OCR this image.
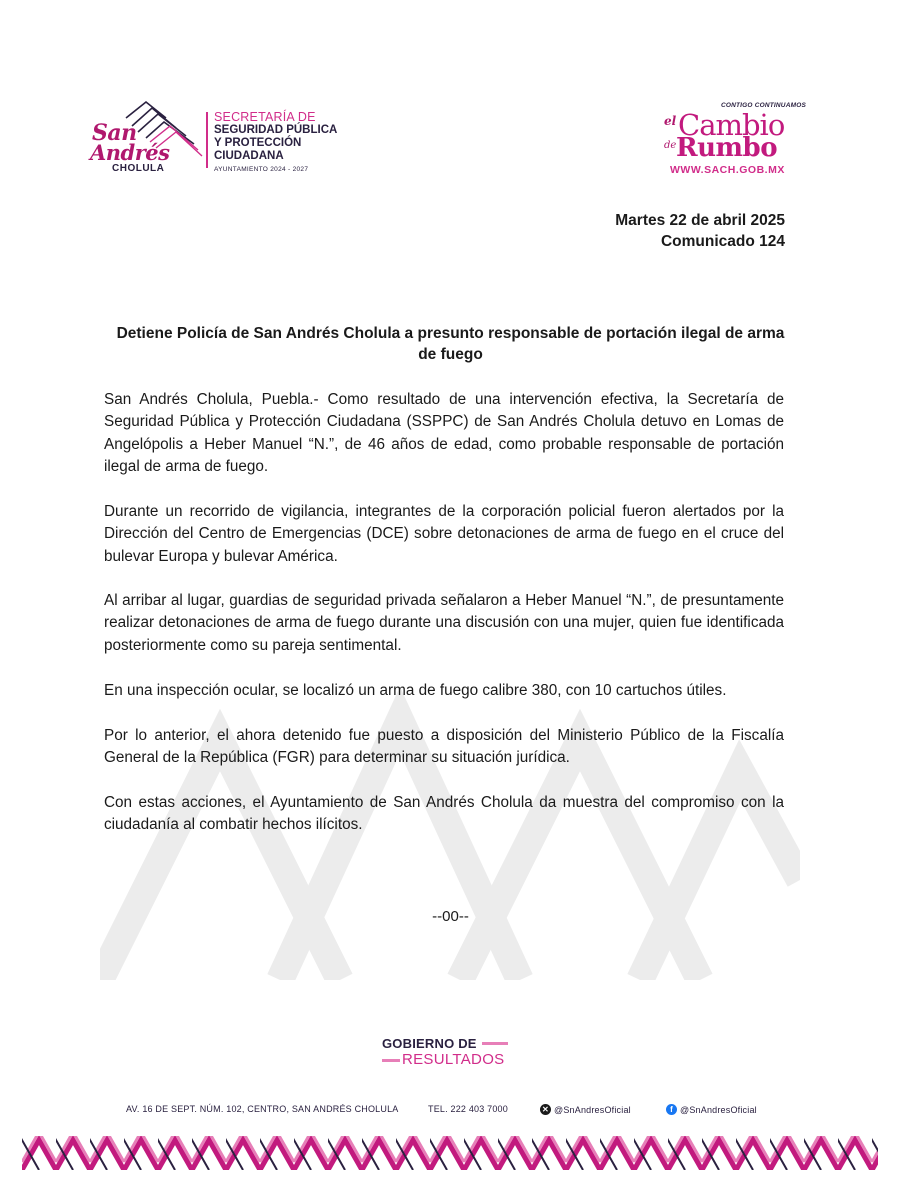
San
Andrés
CHOLULA
SECRETARÍA DE
SEGURIDAD PÚBLICA
Y PROTECCIÓN
CIUDADANA
AYUNTAMIENTO 2024 - 2027
CONTIGO CONTINUAMOS
el Cambio
de Rumbo
WWW.SACH.GOB.MX
Martes 22 de abril 2025
Comunicado 124
Detiene Policía de San Andrés Cholula a presunto responsable de portación ilegal de arma de fuego

San Andrés Cholula, Puebla.- Como resultado de una intervención efectiva, la Secretaría de Seguridad Pública y Protección Ciudadana (SSPPC) de San Andrés Cholula detuvo en Lomas de Angelópolis a Heber Manuel “N.”, de 46 años de edad, como probable responsable de portación ilegal de arma de fuego.

Durante un recorrido de vigilancia, integrantes de la corporación policial fueron alertados por la Dirección del Centro de Emergencias (DCE) sobre detonaciones de arma de fuego en el cruce del bulevar Europa y bulevar América.

Al arribar al lugar, guardias de seguridad privada señalaron a Heber Manuel “N.”, de presuntamente realizar detonaciones de arma de fuego durante una discusión con una mujer, quien fue identificada posteriormente como su pareja sentimental.

En una inspección ocular, se localizó un arma de fuego calibre 380, con 10 cartuchos útiles.

Por lo anterior, el ahora detenido fue puesto a disposición del Ministerio Público de la Fiscalía General de la República (FGR) para determinar su situación jurídica.

Con estas acciones, el Ayuntamiento de San Andrés Cholula da muestra del compromiso con la ciudadanía al combatir hechos ilícitos.

--00--
GOBIERNO DE
RESULTADOS
AV. 16 DE SEPT. NÚM. 102, CENTRO, SAN ANDRÉS CHOLULA	TEL. 222 403 7000	✕ @SnAndresOficial	f @SnAndresOficial
